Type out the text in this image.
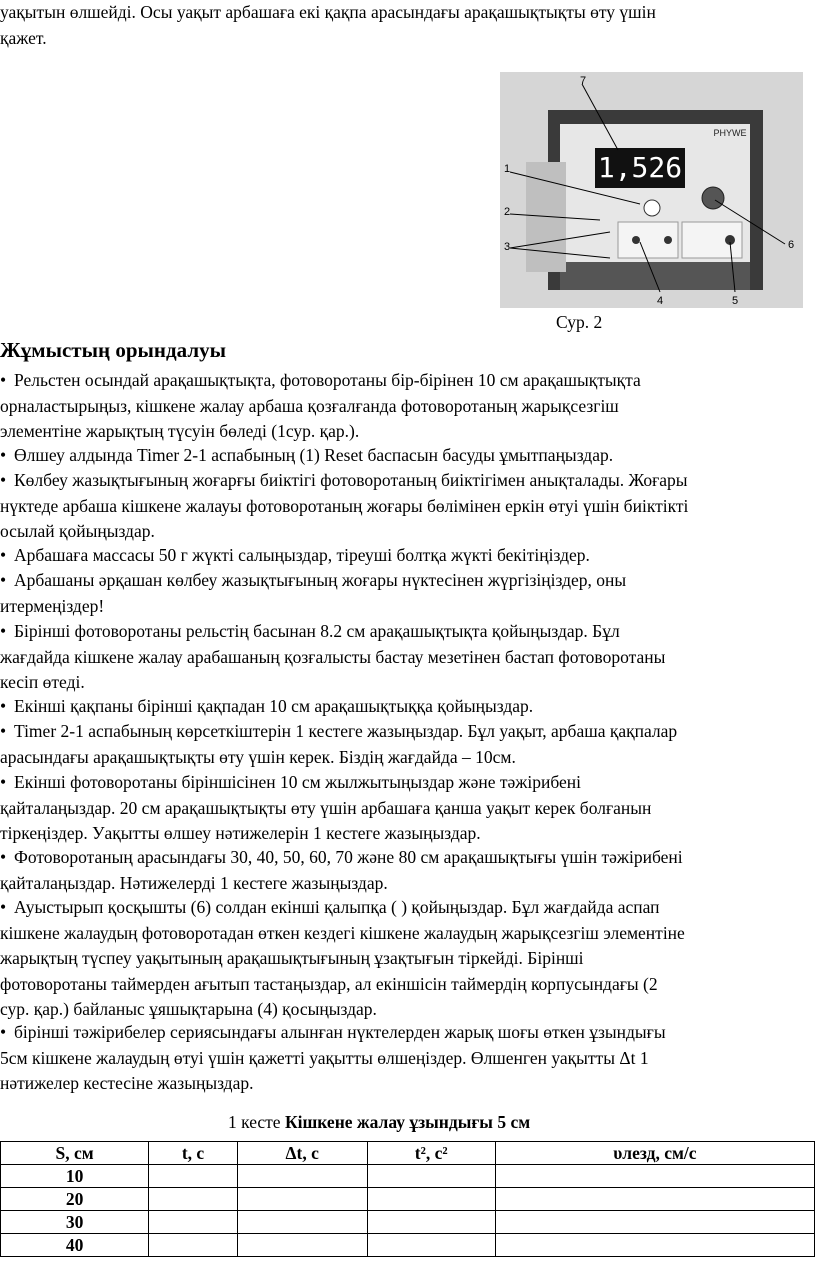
уақытын өлшейді. Осы уақыт арбашаға екі қақпа арасындағы арақашықтықты өту үшін
қажет.
1,526
PHYWE
1
2
3
4	5
6
7
Сур. 2
Жұмыстың орындалуы
• Рельстен осындай арақашықтықта, фотоворотаны бір-бірінен 10 см арақашықтықта

орналастырыңыз, кішкене жалау арбаша қозғалғанда фотоворотаның жарықсезгіш
элементіне жарықтың түсуін бөледі (1сур. қар.).
• Өлшеу алдында Timer 2-1 аспабының (1) Reset баспасын басуды ұмытпаңыздар.
• Көлбеу жазықтығының жоғарғы биіктігі фотоворотаның биіктігімен анықталады. Жоғары

нүктеде арбаша кішкене жалауы фотоворотаның жоғары бөлімінен еркін өтуі үшін биіктікті
осылай қойыңыздар.
• Арбашаға массасы 50 г жүкті салыңыздар, тіреуші болтқа жүкті бекітіңіздер.
• Арбашаны әрқашан көлбеу жазықтығының жоғары нүктесінен жүргізіңіздер, оны

итермеңіздер!
• Бірінші фотоворотаны рельстің басынан 8.2 см арақашықтықта қойыңыздар. Бұл

жағдайда кішкене жалау арабашаның қозғалысты бастау мезетінен бастап фотоворотаны
кесіп өтеді.
• Екінші қақпаны бірінші қақпадан 10 см арақашықтыққа қойыңыздар.
• Timer 2-1 аспабының көрсеткіштерін 1 кестеге жазыңыздар. Бұл уақыт, арбаша қақпалар

арасындағы арақашықтықты өту үшін керек. Біздің жағдайда – 10см.
• Екінші фотоворотаны біріншісінен 10 см жылжытыңыздар және тәжірибені

қайталаңыздар. 20 см арақашықтықты өту үшін арбашаға қанша уақыт керек болғанын
тіркеңіздер. Уақытты өлшеу нәтижелерін 1 кестеге жазыңыздар.
• Фотоворотаның арасындағы 30, 40, 50, 60, 70 және 80 см арақашықтығы үшін тәжірибені

қайталаңыздар. Нәтижелерді 1 кестеге жазыңыздар.
• Ауыстырып қосқышты (6) солдан екінші қалыпқа ( ) қойыңыздар. Бұл жағдайда аспап

кішкене жалаудың фотоворотадан өткен кездегі кішкене жалаудың жарықсезгіш элементіне
жарықтың түспеу уақытының арақашықтығының ұзақтығын тіркейді. Бірінші
фотоворотаны таймерден ағытып тастаңыздар, ал екіншісін таймердің корпусындағы (2
сур. қар.) байланыс ұяшықтарына (4) қосыңыздар.
• бірінші тәжірибелер сериясындағы алынған нүктелерден жарық шоғы өткен ұзындығы

5см кішкене жалаудың өтуі үшін қажетті уақытты өлшеңіздер. Өлшенген уақытты Δt 1
нәтижелер кестесіне жазыңыздар.
1 кесте Кішкене жалау ұзындығы 5 см
S, см	t, с	Δt, с	t², с²	υлезд, см/с
10				
20				
30				
40				
